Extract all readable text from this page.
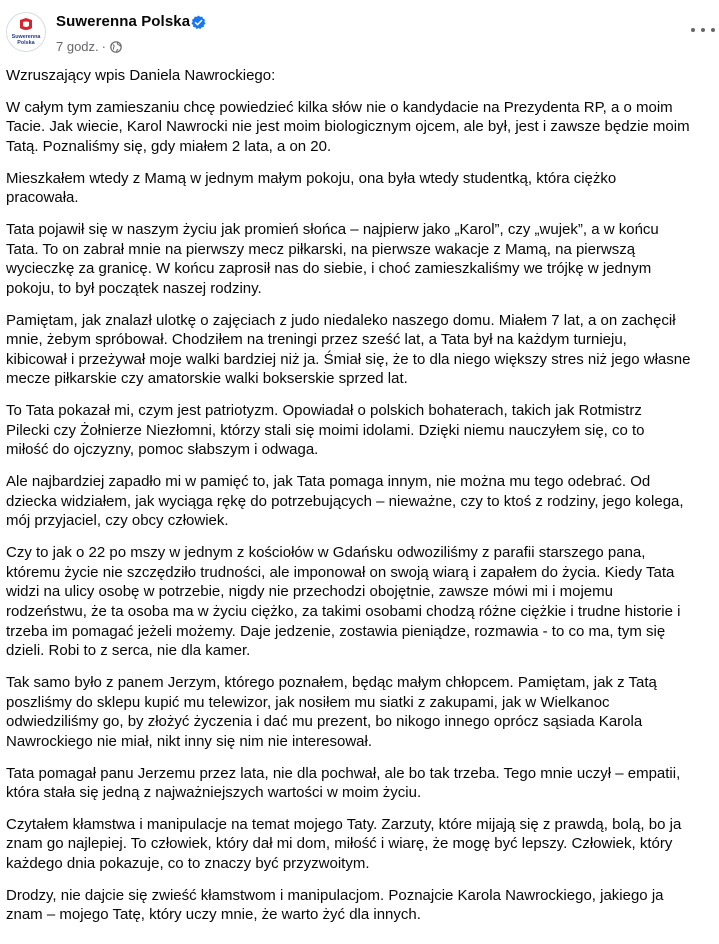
Suwerenna
Polska
Suwerenna Polska
7 godz. ·

Wzruszający wpis Daniela Nawrockiego:

W całym tym zamieszaniu chcę powiedzieć kilka słów nie o kandydacie na Prezydenta RP, a o moim
Tacie. Jak wiecie, Karol Nawrocki nie jest moim biologicznym ojcem, ale był, jest i zawsze będzie moim
Tatą. Poznaliśmy się, gdy miałem 2 lata, a on 20.

Mieszkałem wtedy z Mamą w jednym małym pokoju, ona była wtedy studentką, która ciężko
pracowała.

Tata pojawił się w naszym życiu jak promień słońca – najpierw jako „Karol”, czy „wujek”, a w końcu
Tata. To on zabrał mnie na pierwszy mecz piłkarski, na pierwsze wakacje z Mamą, na pierwszą
wycieczkę za granicę. W końcu zaprosił nas do siebie, i choć zamieszkaliśmy we trójkę w jednym
pokoju, to był początek naszej rodziny.

Pamiętam, jak znalazł ulotkę o zajęciach z judo niedaleko naszego domu. Miałem 7 lat, a on zachęcił
mnie, żebym spróbował. Chodziłem na treningi przez sześć lat, a Tata był na każdym turnieju,
kibicował i przeżywał moje walki bardziej niż ja. Śmiał się, że to dla niego większy stres niż jego własne
mecze piłkarskie czy amatorskie walki bokserskie sprzed lat.

To Tata pokazał mi, czym jest patriotyzm. Opowiadał o polskich bohaterach, takich jak Rotmistrz
Pilecki czy Żołnierze Niezłomni, którzy stali się moimi idolami. Dzięki niemu nauczyłem się, co to
miłość do ojczyzny, pomoc słabszym i odwaga.

Ale najbardziej zapadło mi w pamięć to, jak Tata pomaga innym, nie można mu tego odebrać. Od
dziecka widziałem, jak wyciąga rękę do potrzebujących – nieważne, czy to ktoś z rodziny, jego kolega,
mój przyjaciel, czy obcy człowiek.

Czy to jak o 22 po mszy w jednym z kościołów w Gdańsku odwoziliśmy z parafii starszego pana,
któremu życie nie szczędziło trudności, ale imponował on swoją wiarą i zapałem do życia. Kiedy Tata
widzi na ulicy osobę w potrzebie, nigdy nie przechodzi obojętnie, zawsze mówi mi i mojemu
rodzeństwu, że ta osoba ma w życiu ciężko, za takimi osobami chodzą różne ciężkie i trudne historie i
trzeba im pomagać jeżeli możemy. Daje jedzenie, zostawia pieniądze, rozmawia - to co ma, tym się
dzieli. Robi to z serca, nie dla kamer.

Tak samo było z panem Jerzym, którego poznałem, będąc małym chłopcem. Pamiętam, jak z Tatą
poszliśmy do sklepu kupić mu telewizor, jak nosiłem mu siatki z zakupami, jak w Wielkanoc
odwiedziliśmy go, by złożyć życzenia i dać mu prezent, bo nikogo innego oprócz sąsiada Karola
Nawrockiego nie miał, nikt inny się nim nie interesował.

Tata pomagał panu Jerzemu przez lata, nie dla pochwał, ale bo tak trzeba. Tego mnie uczył – empatii,
która stała się jedną z najważniejszych wartości w moim życiu.

Czytałem kłamstwa i manipulacje na temat mojego Taty. Zarzuty, które mijają się z prawdą, bolą, bo ja
znam go najlepiej. To człowiek, który dał mi dom, miłość i wiarę, że mogę być lepszy. Człowiek, który
każdego dnia pokazuje, co to znaczy być przyzwoitym.

Drodzy, nie dajcie się zwieść kłamstwom i manipulacjom. Poznajcie Karola Nawrockiego, jakiego ja
znam – mojego Tatę, który uczy mnie, że warto żyć dla innych.
